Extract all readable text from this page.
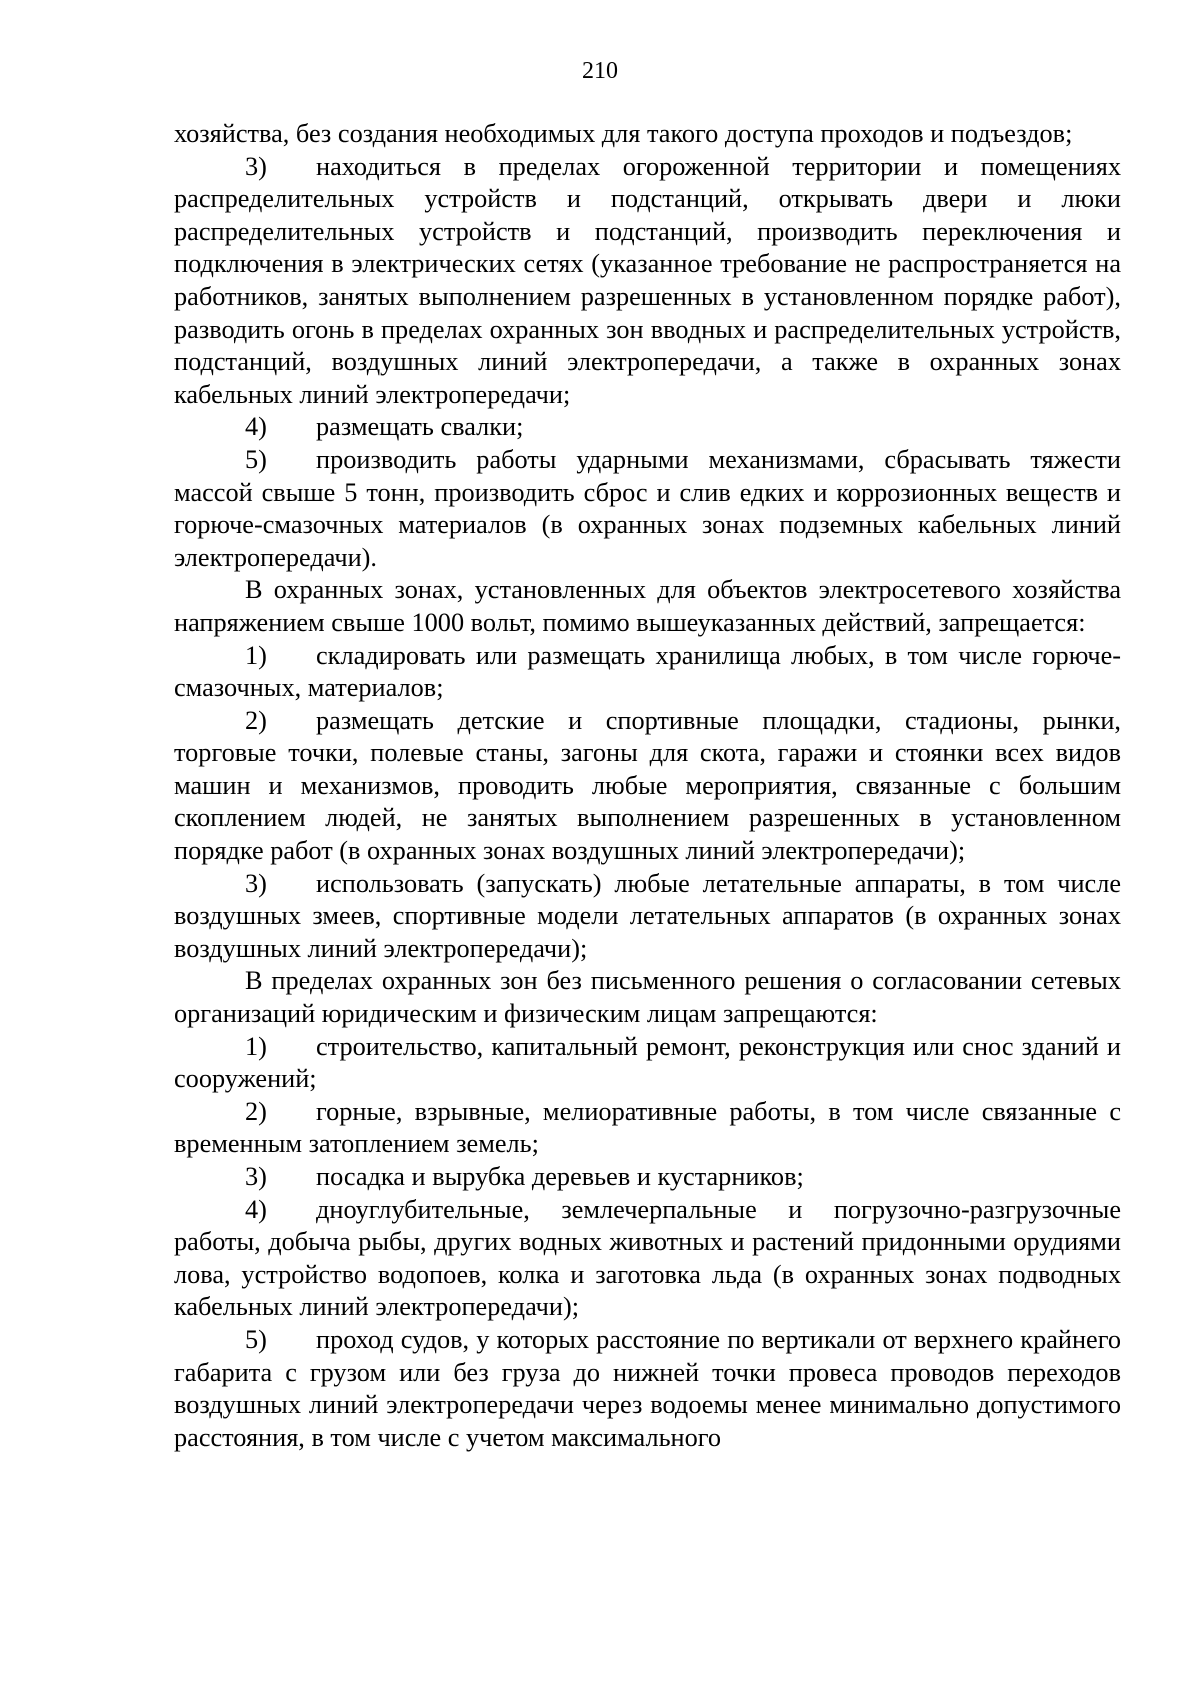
210

хозяйства, без создания необходимых для такого доступа проходов и подъездов;

3) находиться в пределах огороженной территории и помещениях распределительных устройств и подстанций, открывать двери и люки распределительных устройств и подстанций, производить переключения и подключения в электрических сетях (указанное требование не распространяется на работников, занятых выполнением разрешенных в установленном порядке работ), разводить огонь в пределах охранных зон вводных и распределительных устройств, подстанций, воздушных линий электропередачи, а также в охранных зонах кабельных линий электропередачи;

4) размещать свалки;

5) производить работы ударными механизмами, сбрасывать тяжести массой свыше 5 тонн, производить сброс и слив едких и коррозионных веществ и горюче-смазочных материалов (в охранных зонах подземных кабельных линий электропередачи).

В охранных зонах, установленных для объектов электросетевого хозяйства напряжением свыше 1000 вольт, помимо вышеуказанных действий, запрещается:

1) складировать или размещать хранилища любых, в том числе горюче-смазочных, материалов;

2) размещать детские и спортивные площадки, стадионы, рынки, торговые точки, полевые станы, загоны для скота, гаражи и стоянки всех видов машин и механизмов, проводить любые мероприятия, связанные с большим скоплением людей, не занятых выполнением разрешенных в установленном порядке работ (в охранных зонах воздушных линий электропередачи);

3) использовать (запускать) любые летательные аппараты, в том числе воздушных змеев, спортивные модели летательных аппаратов (в охранных зонах воздушных линий электропередачи);

В пределах охранных зон без письменного решения о согласовании сетевых организаций юридическим и физическим лицам запрещаются:

1) строительство, капитальный ремонт, реконструкция или снос зданий и сооружений;

2) горные, взрывные, мелиоративные работы, в том числе связанные с временным затоплением земель;

3) посадка и вырубка деревьев и кустарников;

4) дноуглубительные, землечерпальные и погрузочно-разгрузочные работы, добыча рыбы, других водных животных и растений придонными орудиями лова, устройство водопоев, колка и заготовка льда (в охранных зонах подводных кабельных линий электропередачи);

5) проход судов, у которых расстояние по вертикали от верхнего крайнего габарита с грузом или без груза до нижней точки провеса проводов переходов воздушных линий электропередачи через водоемы менее минимально допустимого расстояния, в том числе с учетом максимального
